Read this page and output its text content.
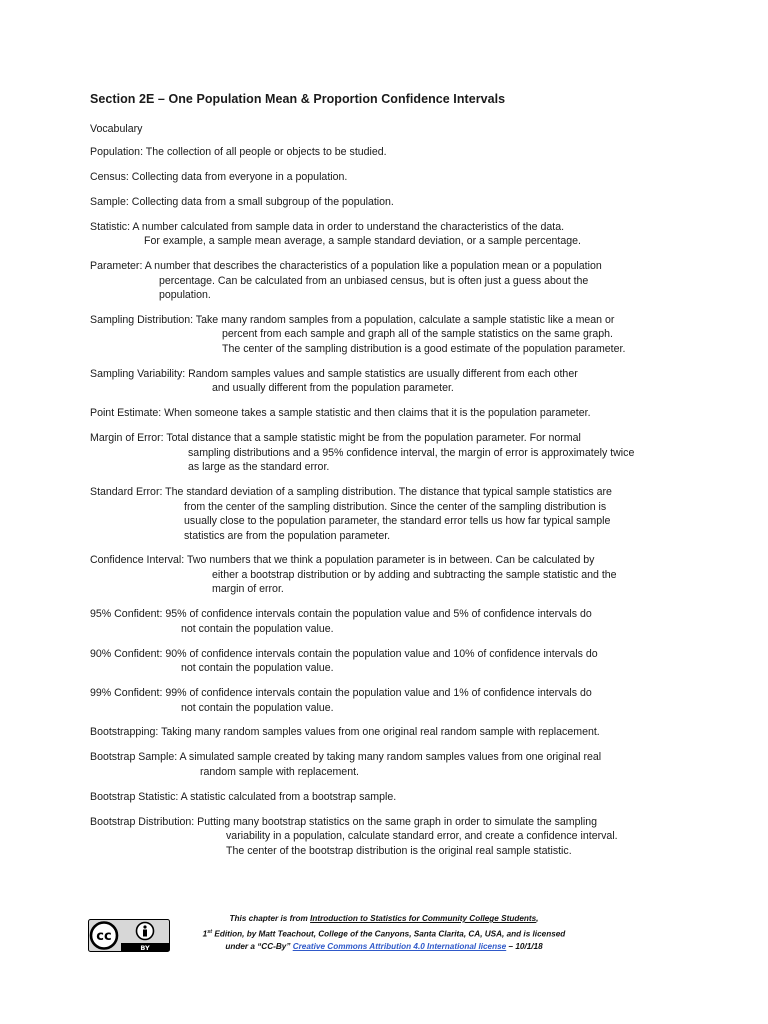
Section 2E – One Population Mean & Proportion Confidence Intervals
Vocabulary
Population: The collection of all people or objects to be studied.
Census: Collecting data from everyone in a population.
Sample: Collecting data from a small subgroup of the population.
Statistic: A number calculated from sample data in order to understand the characteristics of the data.
For example, a sample mean average, a sample standard deviation, or a sample percentage.
Parameter: A number that describes the characteristics of a population like a population mean or a population
percentage. Can be calculated from an unbiased census, but is often just a guess about the
population.
Sampling Distribution: Take many random samples from a population, calculate a sample statistic like a mean or
percent from each sample and graph all of the sample statistics on the same graph.
The center of the sampling distribution is a good estimate of the population parameter.
Sampling Variability: Random samples values and sample statistics are usually different from each other
and usually different from the population parameter.
Point Estimate: When someone takes a sample statistic and then claims that it is the population parameter.
Margin of Error: Total distance that a sample statistic might be from the population parameter. For normal
sampling distributions and a 95% confidence interval, the margin of error is approximately twice
as large as the standard error.
Standard Error: The standard deviation of a sampling distribution. The distance that typical sample statistics are
from the center of the sampling distribution. Since the center of the sampling distribution is
usually close to the population parameter, the standard error tells us how far typical sample
statistics are from the population parameter.
Confidence Interval: Two numbers that we think a population parameter is in between. Can be calculated by
either a bootstrap distribution or by adding and subtracting the sample statistic and the
margin of error.
95% Confident: 95% of confidence intervals contain the population value and 5% of confidence intervals do
not contain the population value.
90% Confident: 90% of confidence intervals contain the population value and 10% of confidence intervals do
not contain the population value.
99% Confident: 99% of confidence intervals contain the population value and 1% of confidence intervals do
not contain the population value.
Bootstrapping: Taking many random samples values from one original real random sample with replacement.
Bootstrap Sample: A simulated sample created by taking many random samples values from one original real
random sample with replacement.
Bootstrap Statistic: A statistic calculated from a bootstrap sample.
Bootstrap Distribution: Putting many bootstrap statistics on the same graph in order to simulate the sampling
variability in a population, calculate standard error, and create a confidence interval.
The center of the bootstrap distribution is the original real sample statistic.
cc
BY
This chapter is from Introduction to Statistics for Community College Students,
1st Edition, by Matt Teachout, College of the Canyons, Santa Clarita, CA, USA, and is licensed
under a “CC-By” Creative Commons Attribution 4.0 International license – 10/1/18
